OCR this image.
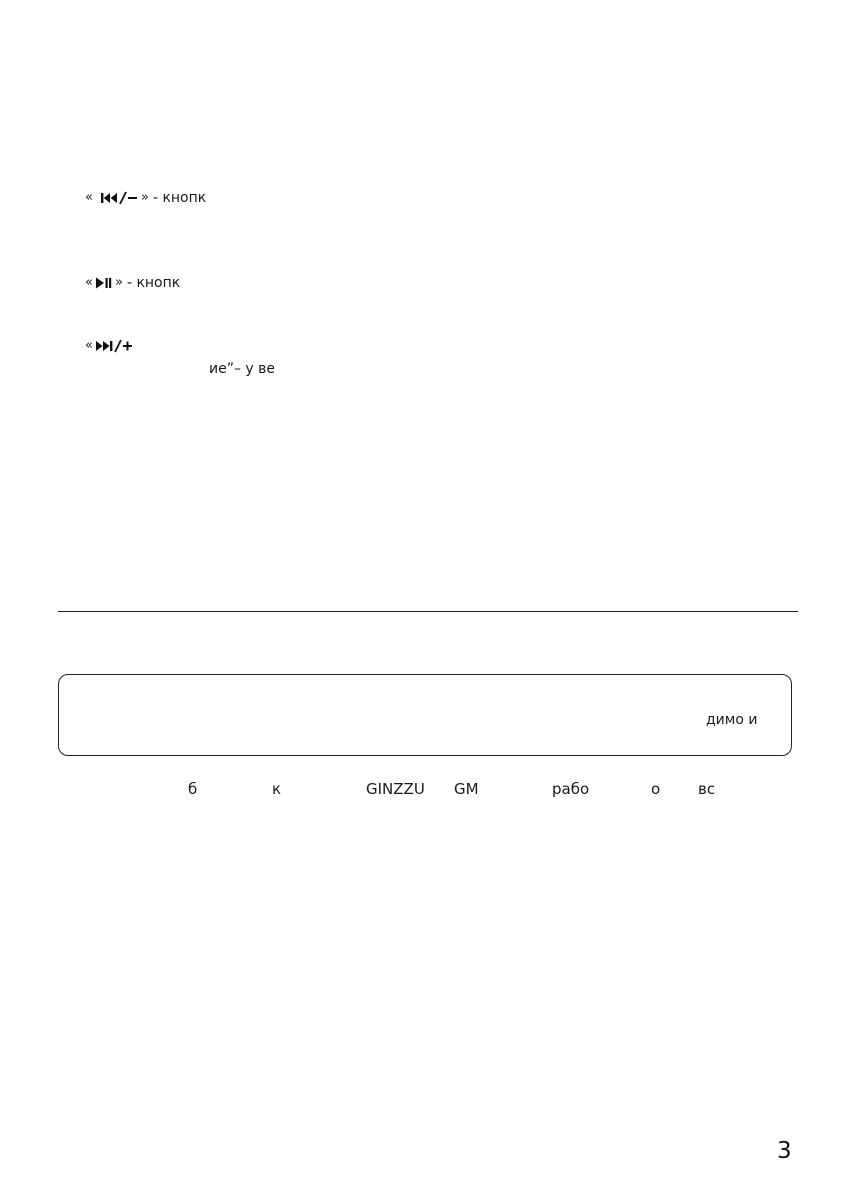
«	» - кнопк
« » - кнопк
«
ие”– у ве
димо и
б	к	GINZZU GM	рабо	о	вс
3
